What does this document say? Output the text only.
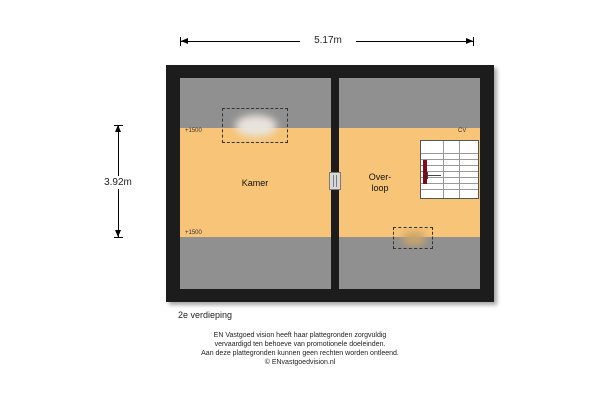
5.17m
3.92m
+1500
+1500
Kamer
Over-
loop
CV
2e verdieping
EN Vastgoed vision heeft haar plattegronden zorgvuldig
vervaardigd ten behoeve van promotionele doeleinden.
Aan deze plattegronden kunnen geen rechten worden ontleend.
© ENvastgoedvision.nl
